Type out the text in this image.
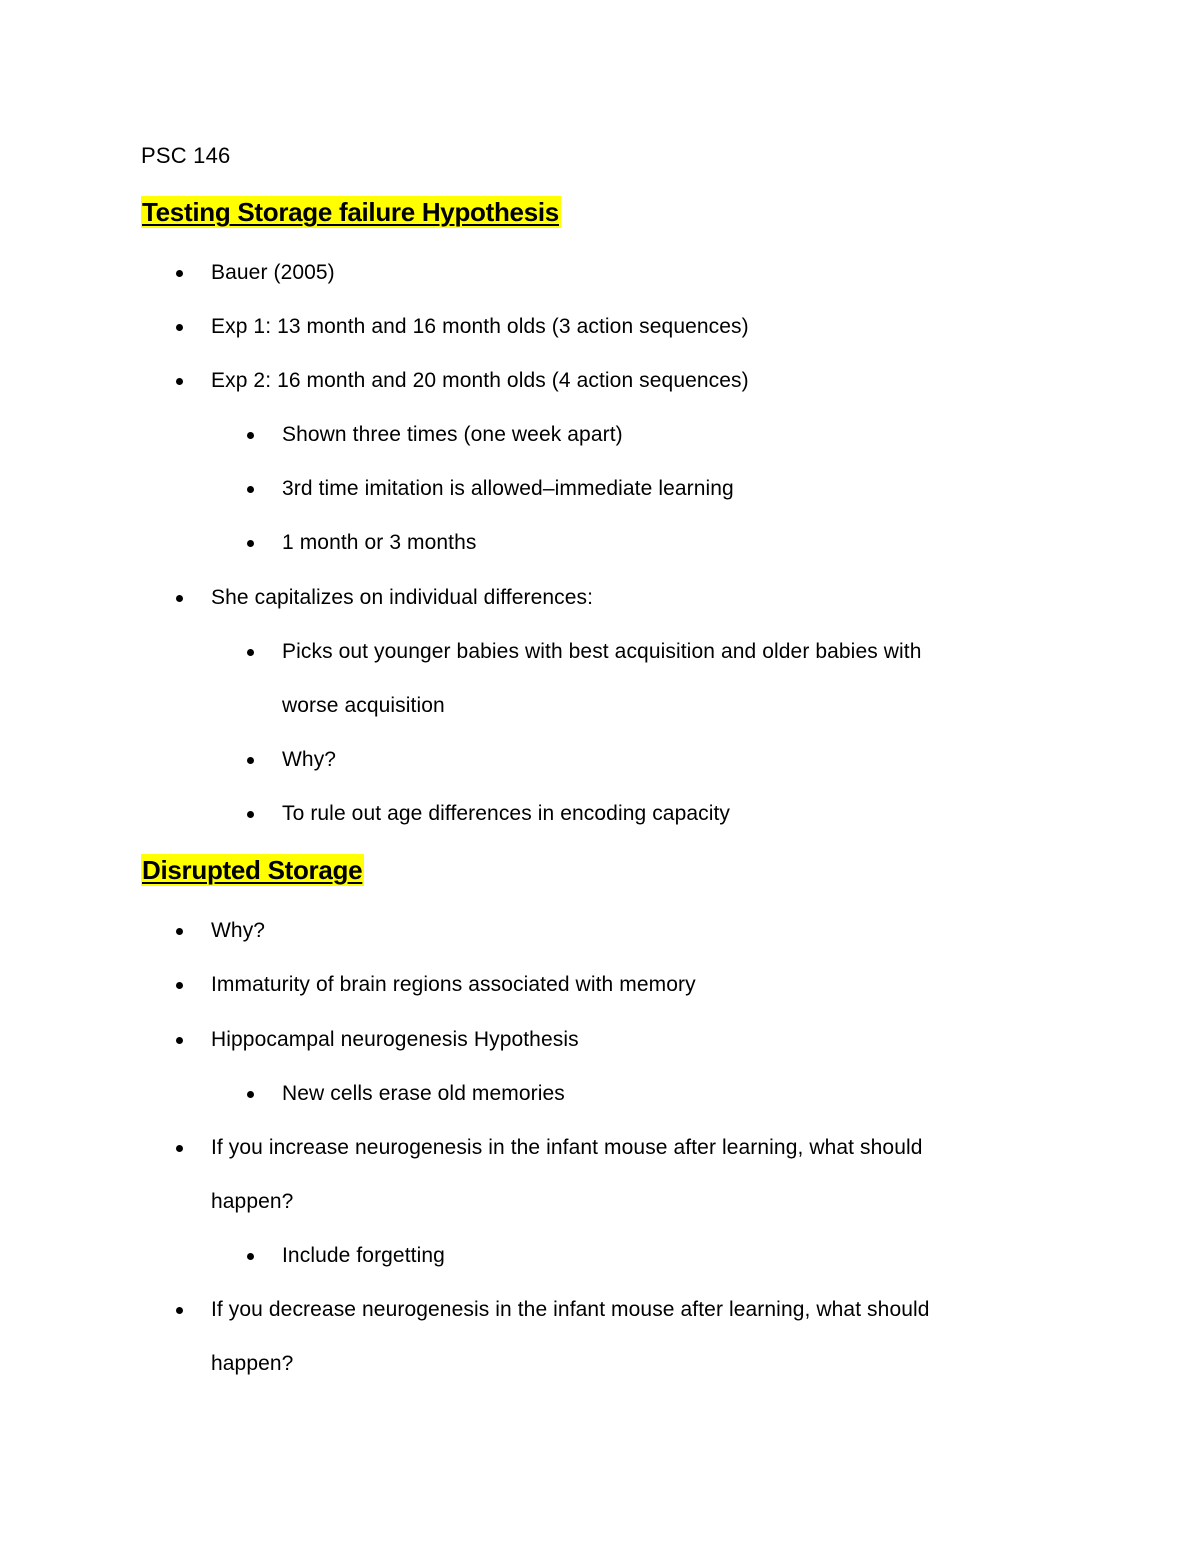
PSC 146
Testing Storage failure Hypothesis
Bauer (2005)
Exp 1: 13 month and 16 month olds (3 action sequences)
Exp 2: 16 month and 20 month olds (4 action sequences)
Shown three times (one week apart)
3rd time imitation is allowed–immediate learning
1 month or 3 months
She capitalizes on individual differences:
Picks out younger babies with best acquisition and older babies with
worse acquisition
Why?
To rule out age differences in encoding capacity
Disrupted Storage
Why?
Immaturity of brain regions associated with memory
Hippocampal neurogenesis Hypothesis
New cells erase old memories
If you increase neurogenesis in the infant mouse after learning, what should
happen?
Include forgetting
If you decrease neurogenesis in the infant mouse after learning, what should
happen?
